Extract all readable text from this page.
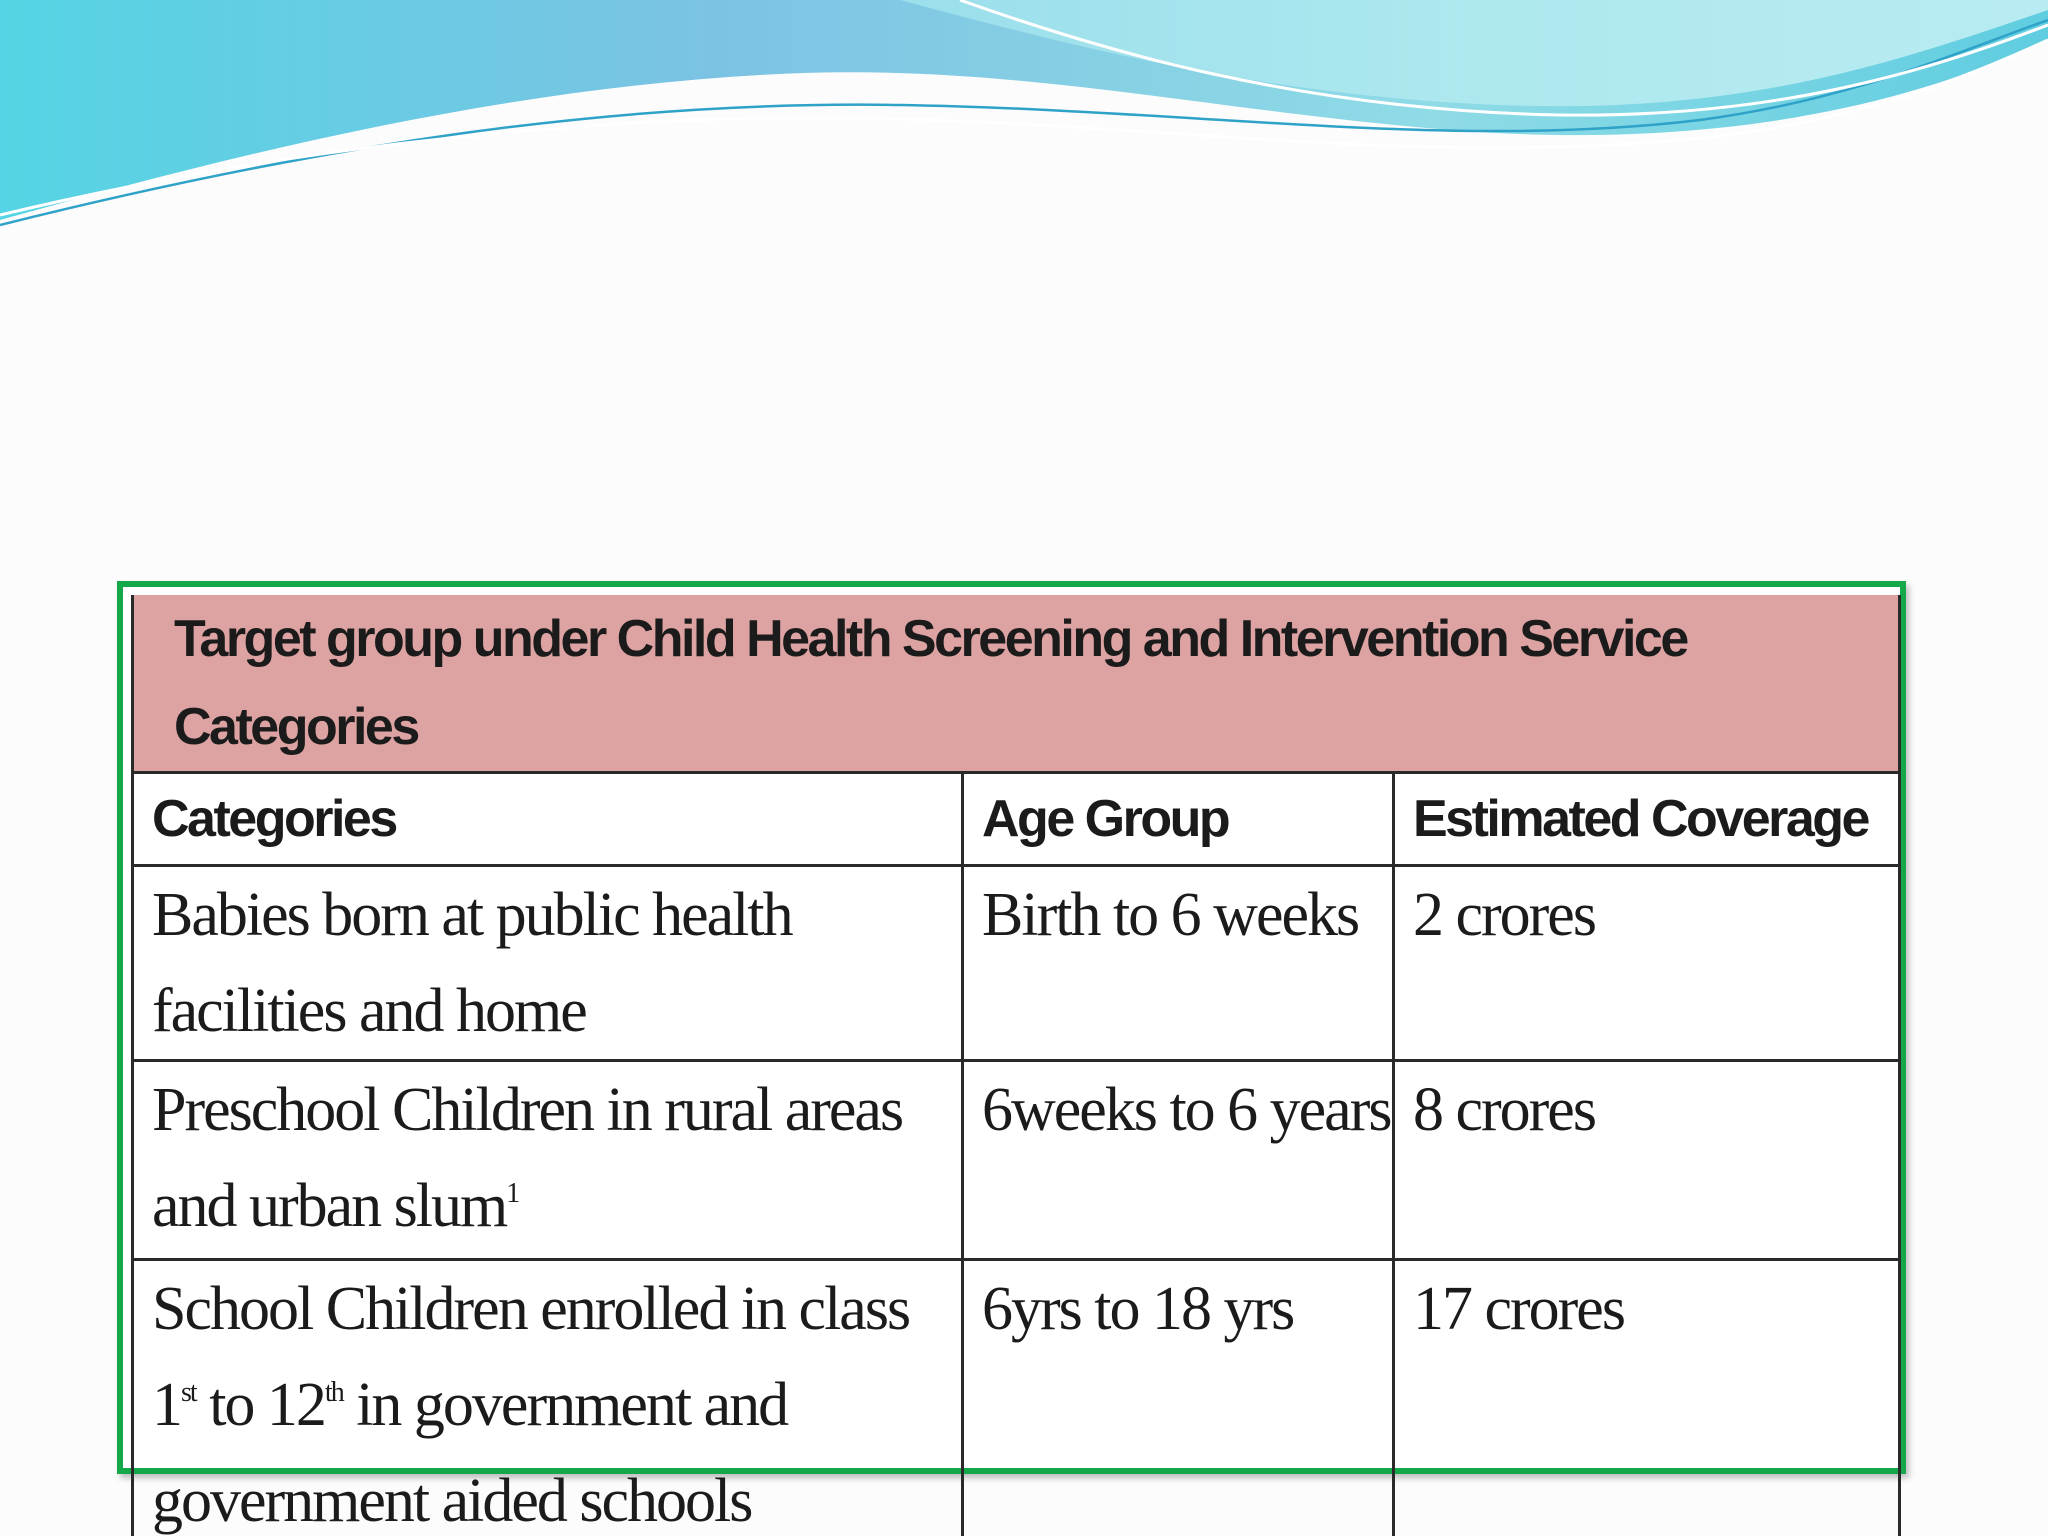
Target group under Child Health Screening and Intervention Service Categories		
Categories	Age Group	Estimated Coverage
Babies born at public health facilities and home	Birth to 6 weeks	2 crores
Preschool Children in rural areas and urban slum$^1$	6weeks to 6 years	8 crores
School Children enrolled in class 1st to 12th in government and government aided schools	6yrs to 18 yrs	17 crores
